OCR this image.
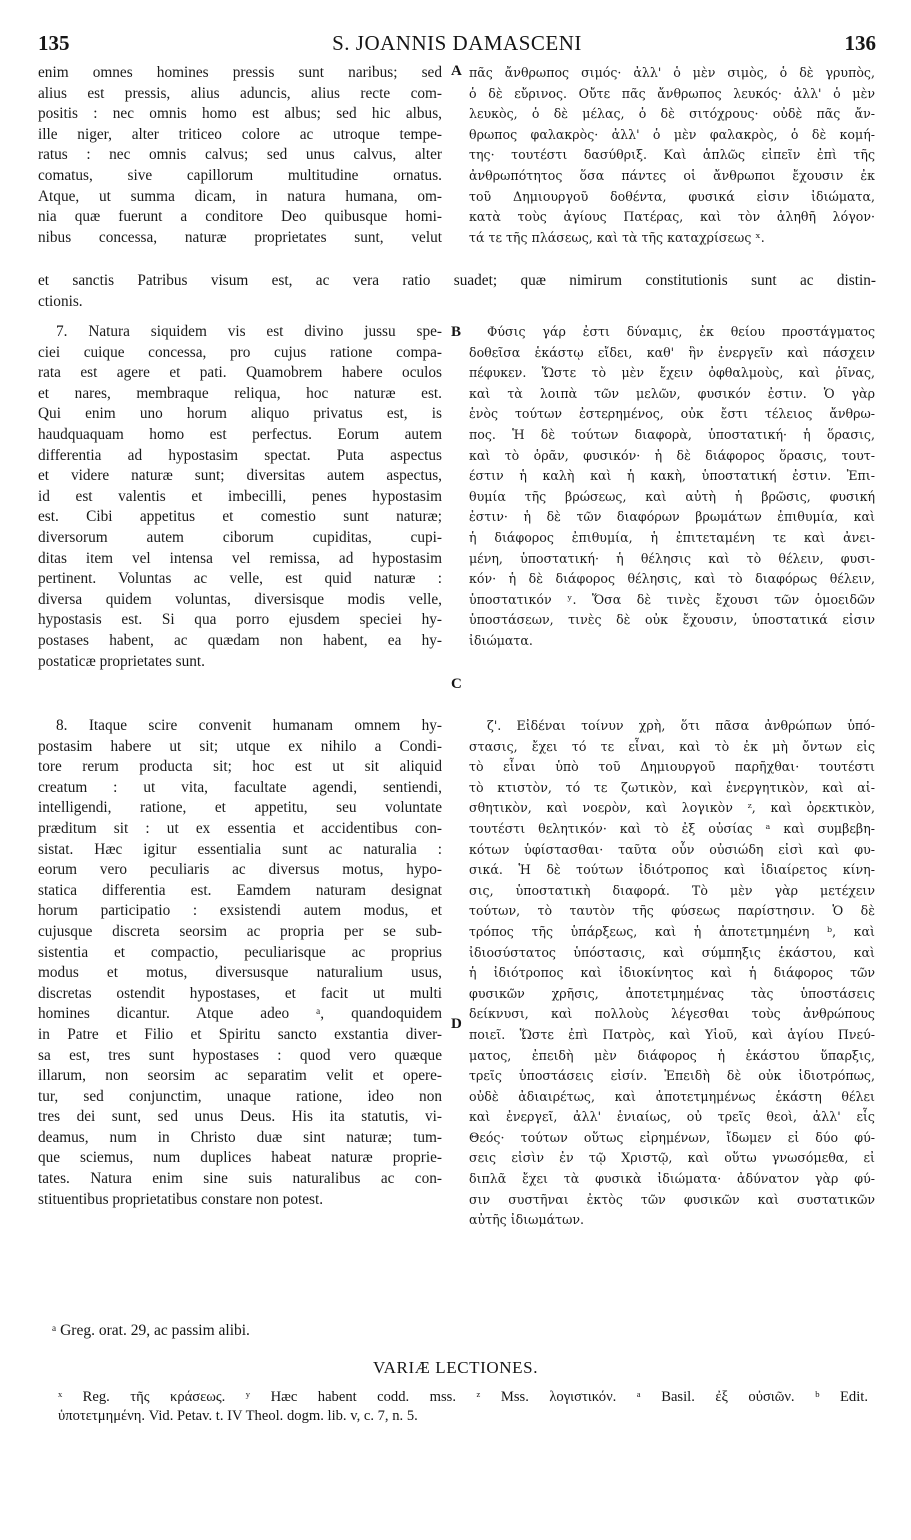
135	S. JOANNIS DAMASCENI	136
enim omnes homines pressis sunt naribus; sed
alius est pressis, alius aduncis, alius recte com-
positis : nec omnis homo est albus; sed hic albus,
ille niger, alter triticeo colore ac utroque tempe-
ratus : nec omnis calvus; sed unus calvus, alter
comatus, sive capillorum multitudine ornatus.
Atque, ut summa dicam, in natura humana, om-
nia quæ fuerunt a conditore Deo quibusque homi-
nibus concessa, naturæ proprietates sunt, velut
et sanctis Patribus visum est, ac vera ratio suadet; quæ nimirum constitutionis sunt ac distin-
ctionis.
πᾶς ἄνθρωπος σιμός· ἀλλ' ὁ μὲν σιμὸς, ὁ δὲ γρυπὸς,
ὁ δὲ εὔρινος. Οὔτε πᾶς ἄνθρωπος λευκός· ἀλλ' ὁ μὲν
λευκὸς, ὁ δὲ μέλας, ὁ δὲ σιτόχρους· οὐδὲ πᾶς ἄν-
θρωπος φαλακρὸς· ἀλλ' ὁ μὲν φαλακρὸς, ὁ δὲ κομή-
της· τουτέστι δασύθριξ. Καὶ ἁπλῶς εἰπεῖν ἐπὶ τῆς
ἀνθρωπότητος ὅσα πάντες οἱ ἄνθρωποι ἔχουσιν ἐκ
τοῦ Δημιουργοῦ δοθέντα, φυσικά εἰσιν ἰδιώματα,
κατὰ τοὺς ἁγίους Πατέρας, καὶ τὸν ἀληθῆ λόγον·
τά τε τῆς πλάσεως, καὶ τὰ τῆς καταχρίσεως ˣ.
7. Natura siquidem vis est divino jussu spe-
ciei cuique concessa, pro cujus ratione compa-
rata est agere et pati. Quamobrem habere oculos
et nares, membraque reliqua, hoc naturæ est.
Qui enim uno horum aliquo privatus est, is
haudquaquam homo est perfectus. Eorum autem
differentia ad hypostasim spectat. Puta aspectus
et videre naturæ sunt; diversitas autem aspectus,
id est valentis et imbecilli, penes hypostasim
est. Cibi appetitus et comestio sunt naturæ;
diversorum autem ciborum cupiditas, cupi-
ditas item vel intensa vel remissa, ad hypostasim
pertinent. Voluntas ac velle, est quid naturæ :
diversa quidem voluntas, diversisque modis velle,
hypostasis est. Si qua porro ejusdem speciei hy-
postases habent, ac quædam non habent, ea hy-
postaticæ proprietates sunt.
Φύσις γάρ ἐστι δύναμις, ἐκ θείου προστάγματος
δοθεῖσα ἑκάστῳ εἴδει, καθ' ἣν ἐνεργεῖν καὶ πάσχειν
πέφυκεν. Ὥστε τὸ μὲν ἔχειν ὀφθαλμοὺς, καὶ ῥῖνας,
καὶ τὰ λοιπὰ τῶν μελῶν, φυσικόν ἐστιν. Ὁ γὰρ
ἑνὸς τούτων ἐστερημένος, οὐκ ἔστι τέλειος ἄνθρω-
πος. Ἡ δὲ τούτων διαφορὰ, ὑποστατική· ἡ ὅρασις,
καὶ τὸ ὁρᾶν, φυσικόν· ἡ δὲ διάφορος ὅρασις, τουτ-
έστιν ἡ καλὴ καὶ ἡ κακὴ, ὑποστατική ἐστιν. Ἐπι-
θυμία τῆς βρώσεως, καὶ αὐτὴ ἡ βρῶσις, φυσική
ἐστιν· ἡ δὲ τῶν διαφόρων βρωμάτων ἐπιθυμία, καὶ
ἡ διάφορος ἐπιθυμία, ἡ ἐπιτεταμένη τε καὶ ἀνει-
μένη, ὑποστατική· ἡ θέλησις καὶ τὸ θέλειν, φυσι-
κόν· ἡ δὲ διάφορος θέλησις, καὶ τὸ διαφόρως θέλειν,
ὑποστατικόν ʸ. Ὅσα δὲ τινὲς ἔχουσι τῶν ὁμοειδῶν
ὑποστάσεων, τινὲς δὲ οὐκ ἔχουσιν, ὑποστατικά εἰσιν
ἰδιώματα.
8. Itaque scire convenit humanam omnem hy-
postasim habere ut sit; utque ex nihilo a Condi-
tore rerum producta sit; hoc est ut sit aliquid
creatum : ut vita, facultate agendi, sentiendi,
intelligendi, ratione, et appetitu, seu voluntate
præditum sit : ut ex essentia et accidentibus con-
sistat. Hæc igitur essentialia sunt ac naturalia :
eorum vero peculiaris ac diversus motus, hypo-
statica differentia est. Eamdem naturam designat
horum participatio : exsistendi autem modus, et
cujusque discreta seorsim ac propria per se sub-
sistentia et compactio, peculiarisque ac proprius
modus et motus, diversusque naturalium usus,
discretas ostendit hypostases, et facit ut multi
homines dicantur. Atque adeo ᵃ, quandoquidem
in Patre et Filio et Spiritu sancto exstantia diver-
sa est, tres sunt hypostases : quod vero quæque
illarum, non seorsim ac separatim velit et opere-
tur, sed conjunctim, unaque ratione, ideo non
tres dei sunt, sed unus Deus. His ita statutis, vi-
deamus, num in Christo duæ sint naturæ; tum-
que sciemus, num duplices habeat naturæ proprie-
tates. Natura enim sine suis naturalibus ac con-
stituentibus proprietatibus constare non potest.
ζ'. Εἰδέναι τοίνυν χρὴ, ὅτι πᾶσα ἀνθρώπων ὑπό-
στασις, ἔχει τό τε εἶναι, καὶ τὸ ἐκ μὴ ὄντων εἰς
τὸ εἶναι ὑπὸ τοῦ Δημιουργοῦ παρῆχθαι· τουτέστι
τὸ κτιστὸν, τό τε ζωτικὸν, καὶ ἐνεργητικὸν, καὶ αἰ-
σθητικὸν, καὶ νοερὸν, καὶ λογικὸν ᶻ, καὶ ὀρεκτικὸν,
τουτέστι θελητικόν· καὶ τὸ ἐξ οὐσίας ᵃ καὶ συμβεβη-
κότων ὑφίστασθαι· ταῦτα οὖν οὐσιώδη εἰσὶ καὶ φυ-
σικά. Ἡ δὲ τούτων ἰδιότροπος καὶ ἰδιαίρετος κίνη-
σις, ὑποστατικὴ διαφορά. Τὸ μὲν γὰρ μετέχειν
τούτων, τὸ ταυτὸν τῆς φύσεως παρίστησιν. Ὁ δὲ
τρόπος τῆς ὑπάρξεως, καὶ ἡ ἀποτετμημένη ᵇ, καὶ
ἰδιοσύστατος ὑπόστασις, καὶ σύμπηξις ἑκάστου, καὶ
ἡ ἰδιότροπος καὶ ἰδιοκίνητος καὶ ἡ διάφορος τῶν
φυσικῶν χρῆσις, ἀποτετμημένας τὰς ὑποστάσεις
δείκνυσι, καὶ πολλοὺς λέγεσθαι τοὺς ἀνθρώπους
ποιεῖ. Ὥστε ἐπὶ Πατρὸς, καὶ Υἱοῦ, καὶ ἁγίου Πνεύ-
ματος, ἐπειδὴ μὲν διάφορος ἡ ἑκάστου ὕπαρξις,
τρεῖς ὑποστάσεις εἰσίν. Ἐπειδὴ δὲ οὐκ ἰδιοτρόπως,
οὐδὲ ἀδιαιρέτως, καὶ ἀποτετμημένως ἑκάστη θέλει
καὶ ἐνεργεῖ, ἀλλ' ἑνιαίως, οὐ τρεῖς θεοὶ, ἀλλ' εἷς
Θεός· τούτων οὕτως εἰρημένων, ἴδωμεν εἰ δύο φύ-
σεις εἰσὶν ἐν τῷ Χριστῷ, καὶ οὕτω γνωσόμεθα, εἰ
διπλᾶ ἔχει τὰ φυσικὰ ἰδιώματα· ἀδύνατον γὰρ φύ-
σιν συστῆναι ἐκτὸς τῶν φυσικῶν καὶ συστατικῶν
αὐτῆς ἰδιωμάτων.
A
B
C
D
ᵃ Greg. orat. 29, ac passim alibi.
VARIÆ LECTIONES.
ˣ Reg. τῆς κράσεως. ʸ Hæc habent codd. mss. ᶻ Mss. λογιστικόν. ᵃ Basil. ἐξ οὐσιῶν. ᵇ Edit.
ὑποτετμημένη. Vid. Petav. t. IV Theol. dogm. lib. v, c. 7, n. 5.
